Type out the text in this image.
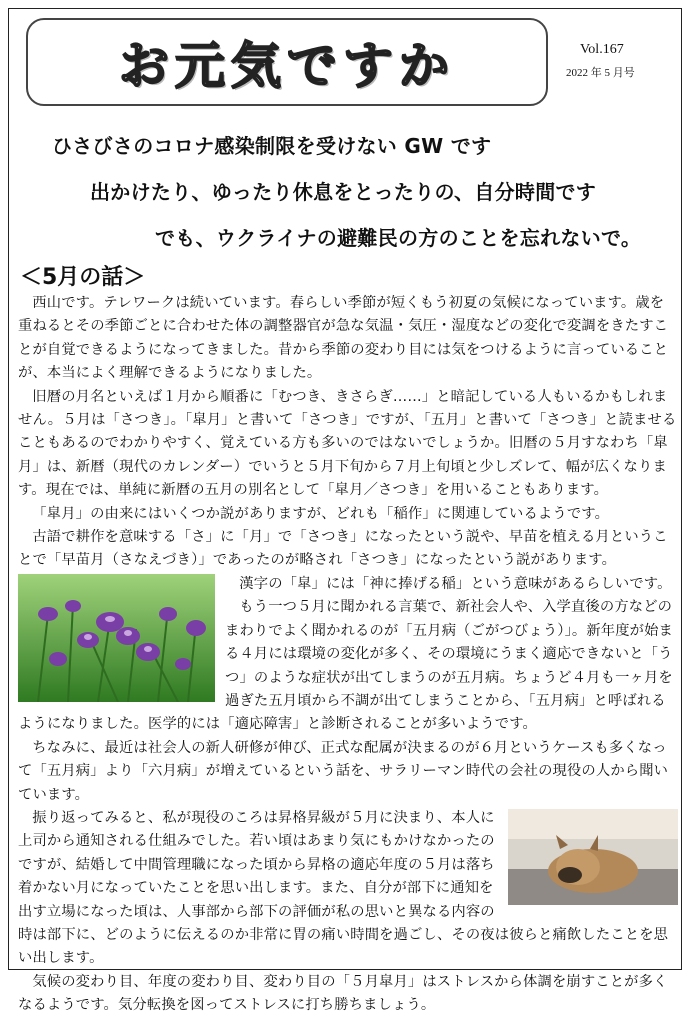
お元気ですか	Vol.167
2022 年 5 月号
ひさびさのコロナ感染制限を受けない GW です
出かけたり、ゆったり休息をとったりの、自分時間です
でも、ウクライナの避難民の方のことを忘れないで。
＜5月の話＞

西山です。テレワークは続いています。春らしい季節が短くもう初夏の気候になっています。歳を重ねるとその季節ごとに合わせた体の調整器官が急な気温・気圧・湿度などの変化で変調をきたすことが自覚できるようになってきました。昔から季節の変わり目には気をつけるように言っていることが、本当によく理解できるようになりました。

旧暦の月名といえば１月から順番に「むつき、きさらぎ……」と暗記している人もいるかもしれません。５月は「さつき」。「皐月」と書いて「さつき」ですが、「五月」と書いて「さつき」と読ませることもあるのでわかりやすく、覚えている方も多いのではないでしょうか。旧暦の５月すなわち「皐月」は、新暦（現代のカレンダー）でいうと５月下旬から７月上旬頃と少しズレて、幅が広くなります。現在では、単純に新暦の五月の別名として「皐月／さつき」を用いることもあります。

「皐月」の由来にはいくつか説がありますが、どれも「稲作」に関連しているようです。

古語で耕作を意味する「さ」に「月」で「さつき」になったという説や、早苗を植える月ということで「早苗月（さなえづき）」であったのが略され「さつき」になったという説があります。

漢字の「皐」には「神に捧げる稲」という意味があるらしいです。

もう一つ５月に聞かれる言葉で、新社会人や、入学直後の方などのまわりでよく聞かれるのが「五月病（ごがつびょう）」。新年度が始まる４月には環境の変化が多く、その環境にうまく適応できないと「うつ」のような症状が出てしまうのが五月病。ちょうど４月も一ヶ月を過ぎた五月頃から不調が出てしまうことから、「五月病」と呼ばれるようになりました。医学的には「適応障害」と診断されることが多いようです。

ちなみに、最近は社会人の新人研修が伸び、正式な配属が決まるのが６月というケースも多くなって「五月病」より「六月病」が増えているという話を、サラリーマン時代の会社の現役の人から聞いています。

振り返ってみると、私が現役のころは昇格昇級が５月に決まり、本人に上司から通知される仕組みでした。若い頃はあまり気にもかけなかったのですが、結婚して中間管理職になった頃から昇格の適応年度の５月は落ち着かない月になっていたことを思い出します。また、自分が部下に通知を出す立場になった頃は、人事部から部下の評価が私の思いと異なる内容の時は部下に、どのように伝えるのか非常に胃の痛い時間を過ごし、その夜は彼らと痛飲したことを思い出します。

気候の変わり目、年度の変わり目、変わり目の「５月皐月」はストレスから体調を崩すことが多くなるようです。気分転換を図ってストレスに打ち勝ちましょう。
